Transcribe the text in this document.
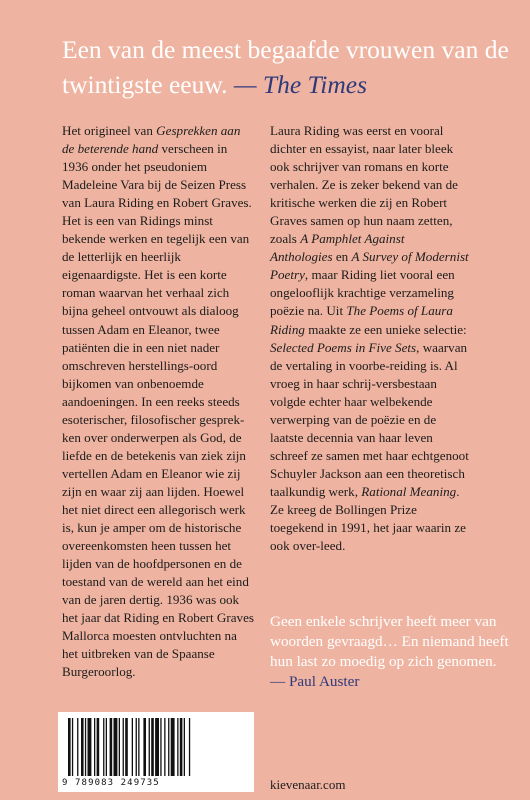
Een van de meest begaafde vrouwen van de twintigste eeuw. — The Times

Het origineel van Gesprekken aan de beterende hand verscheen in 1936 onder het pseudoniem Madeleine Vara bij de Seizen Press van Laura Riding en Robert Graves. Het is een van Ridings minst bekende werken en tegelijk een van de letterlijk en heerlijk eigenaardigste. Het is een korte roman waarvan het verhaal zich bijna geheel ontvouwt als dialoog tussen Adam en Eleanor, twee patiënten die in een niet nader omschreven herstellings-oord bijkomen van onbenoemde aandoeningen. In een reeks steeds esoterischer, filosofischer gesprek-ken over onderwerpen als God, de liefde en de betekenis van ziek zijn vertellen Adam en Eleanor wie zij zijn en waar zij aan lijden. Hoewel het niet direct een allegorisch werk is, kun je amper om de historische overeenkomsten heen tussen het lijden van de hoofdpersonen en de toestand van de wereld aan het eind van de jaren dertig. 1936 was ook het jaar dat Riding en Robert Graves Mallorca moesten ontvluchten na het uitbreken van de Spaanse Burgeroorlog.

Laura Riding was eerst en vooral dichter en essayist, naar later bleek ook schrijver van romans en korte verhalen. Ze is zeker bekend van de kritische werken die zij en Robert Graves samen op hun naam zetten, zoals A Pamphlet Against Anthologies en A Survey of Modernist Poetry, maar Riding liet vooral een ongelooflijk krachtige verzameling poëzie na. Uit The Poems of Laura Riding maakte ze een unieke selectie: Selected Poems in Five Sets, waarvan de vertaling in voorbe-reiding is. Al vroeg in haar schrij-versbestaan volgde echter haar welbekende verwerping van de poëzie en de laatste decennia van haar leven schreef ze samen met haar echtgenoot Schuyler Jackson aan een theoretisch taalkundig werk, Rational Meaning. Ze kreeg de Bollingen Prize toegekend in 1991, het jaar waarin ze ook over-leed.

Geen enkele schrijver heeft meer van woorden gevraagd… En niemand heeft hun last zo moedig op zich genomen.
— Paul Auster
9 789083 249735	kievenaar.com
